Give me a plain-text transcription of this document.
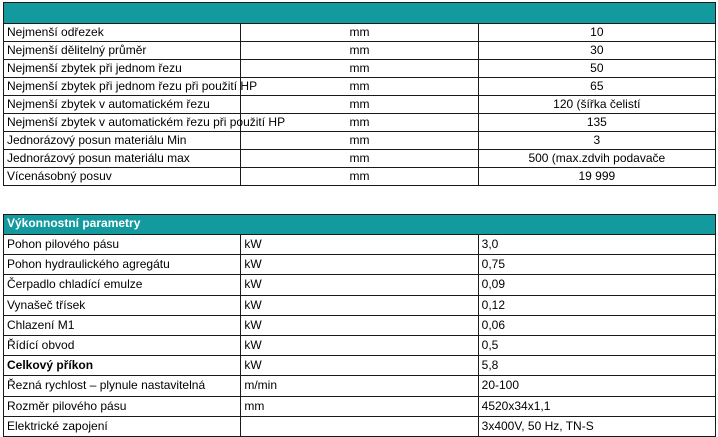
Nejmenší odřezek	mm	10
Nejmenší dělitelný průměr	mm	30
Nejmenší zbytek při jednom řezu	mm	50
Nejmenší zbytek při jednom řezu při použití HP	mm	65
Nejmenší zbytek v automatickém řezu	mm	120 (šířka čelistí
Nejmenší zbytek v automatickém řezu při použití HP	mm	135
Jednorázový posun materiálu Min	mm	3
Jednorázový posun materiálu max	mm	500 (max.zdvih podavače
Vícenásobný posuv	mm	19 999
Výkonnostní parametry		
Pohon pilového pásu	kW	3,0
Pohon hydraulického agregátu	kW	0,75
Čerpadlo chladící emulze	kW	0,09
Vynašeč třísek	kW	0,12
Chlazení M1	kW	0,06
Řídící obvod	kW	0,5
Celkový příkon	kW	5,8
Řezná rychlost – plynule nastavitelná	m/min	20-100
Rozměr pilového pásu	mm	4520x34x1,1
Elektrické zapojení		3x400V, 50 Hz, TN-S
